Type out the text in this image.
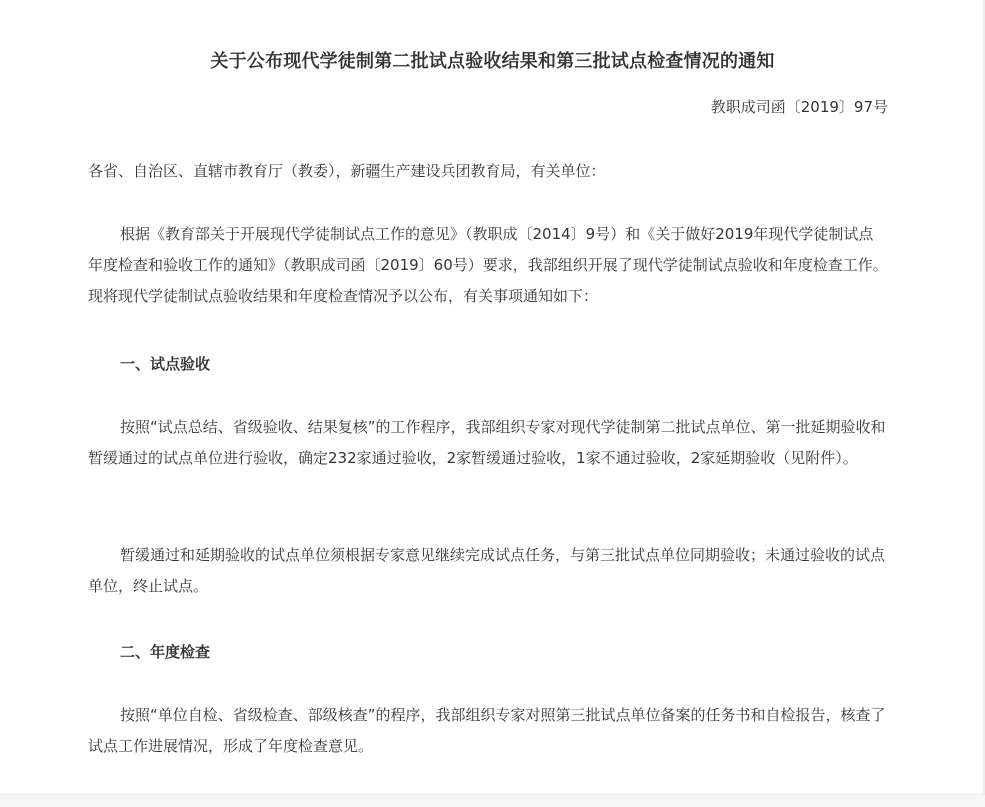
关于公布现代学徒制第二批试点验收结果和第三批试点检查情况的通知
教职成司函〔2019〕97号

各省、自治区、直辖市教育厅（教委），新疆生产建设兵团教育局，有关单位：

根据《教育部关于开展现代学徒制试点工作的意见》（教职成〔2014〕9号）和《关于做好2019年现代学徒制试点年度检查和验收工作的通知》（教职成司函〔2019〕60号）要求，我部组织开展了现代学徒制试点验收和年度检查工作。现将现代学徒制试点验收结果和年度检查情况予以公布，有关事项通知如下：

一、试点验收

按照“试点总结、省级验收、结果复核”的工作程序，我部组织专家对现代学徒制第二批试点单位、第一批延期验收和暂缓通过的试点单位进行验收，确定232家通过验收，2家暂缓通过验收，1家不通过验收，2家延期验收（见附件）。

暂缓通过和延期验收的试点单位须根据专家意见继续完成试点任务，与第三批试点单位同期验收；未通过验收的试点单位，终止试点。

二、年度检查

按照“单位自检、省级检查、部级核查”的程序，我部组织专家对照第三批试点单位备案的任务书和自检报告，核查了试点工作进展情况，形成了年度检查意见。
